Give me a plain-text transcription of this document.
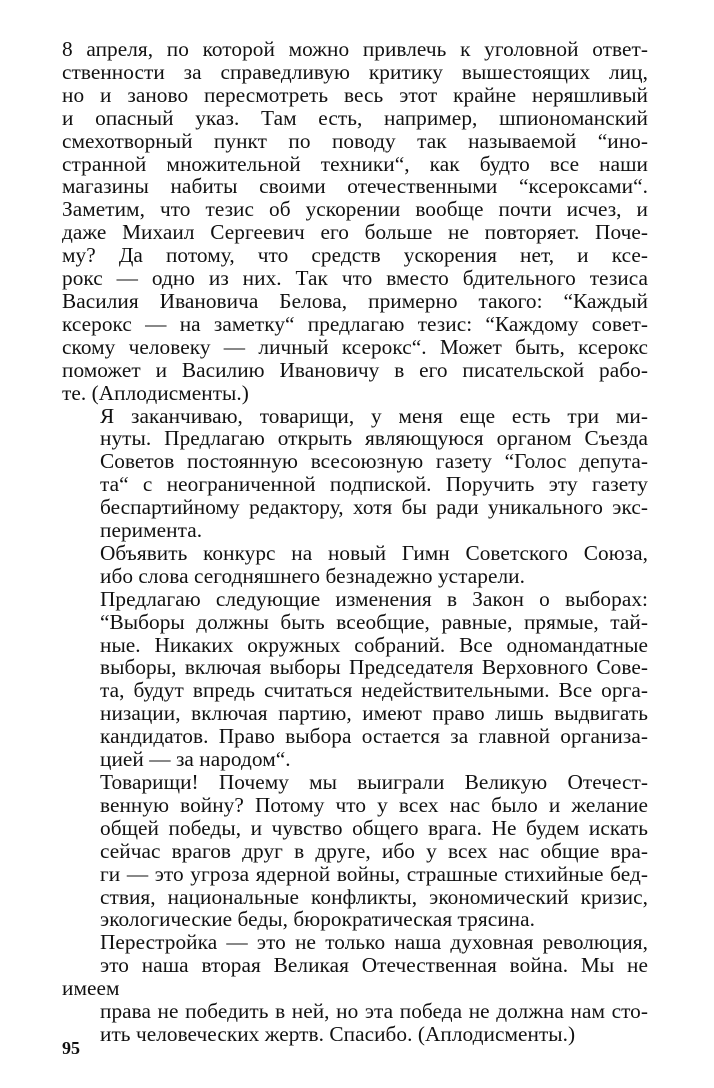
8 апреля, по которой можно привлечь к уголовной ответ-
ственности за справедливую критику вышестоящих лиц,
но и заново пересмотреть весь этот крайне неряшливый
и опасный указ. Там есть, например, шпиономанский
смехотворный пункт по поводу так называемой “ино-
странной множительной техники“, как будто все наши
магазины набиты своими отечественными “ксероксами“.
Заметим, что тезис об ускорении вообще почти исчез, и
даже Михаил Сергеевич его больше не повторяет. Поче-
му? Да потому, что средств ускорения нет, и ксе-
рокс — одно из них. Так что вместо бдительного тезиса
Василия Ивановича Белова, примерно такого: “Каждый
ксерокс — на заметку“ предлагаю тезис: “Каждому совет-
скому человеку — личный ксерокс“. Может быть, ксерокс
поможет и Василию Ивановичу в его писательской рабо-
те. (Аплодисменты.)
Я заканчиваю, товарищи, у меня еще есть три ми-
нуты. Предлагаю открыть являющуюся органом Съезда
Советов постоянную всесоюзную газету “Голос депута-
та“ с неограниченной подпиской. Поручить эту газету
беспартийному редактору, хотя бы ради уникального экс-
перимента.
Объявить конкурс на новый Гимн Советского Союза,
ибо слова сегодняшнего безнадежно устарели.
Предлагаю следующие изменения в Закон о выборах:
“Выборы должны быть всеобщие, равные, прямые, тай-
ные. Никаких окружных собраний. Все одномандатные
выборы, включая выборы Председателя Верховного Сове-
та, будут впредь считаться недействительными. Все орга-
низации, включая партию, имеют право лишь выдвигать
кандидатов. Право выбора остается за главной организа-
цией — за народом“.
Товарищи! Почему мы выиграли Великую Отечест-
венную войну? Потому что у всех нас было и желание
общей победы, и чувство общего врага. Не будем искать
сейчас врагов друг в друге, ибо у всех нас общие вра-
ги — это угроза ядерной войны, страшные стихийные бед-
ствия, национальные конфликты, экономический кризис,
экологические беды, бюрократическая трясина.
Перестройка — это не только наша духовная революция,
это наша вторая Великая Отечественная война. Мы не имеем
права не победить в ней, но эта победа не должна нам сто-
ить человеческих жертв. Спасибо. (Аплодисменты.)
95
